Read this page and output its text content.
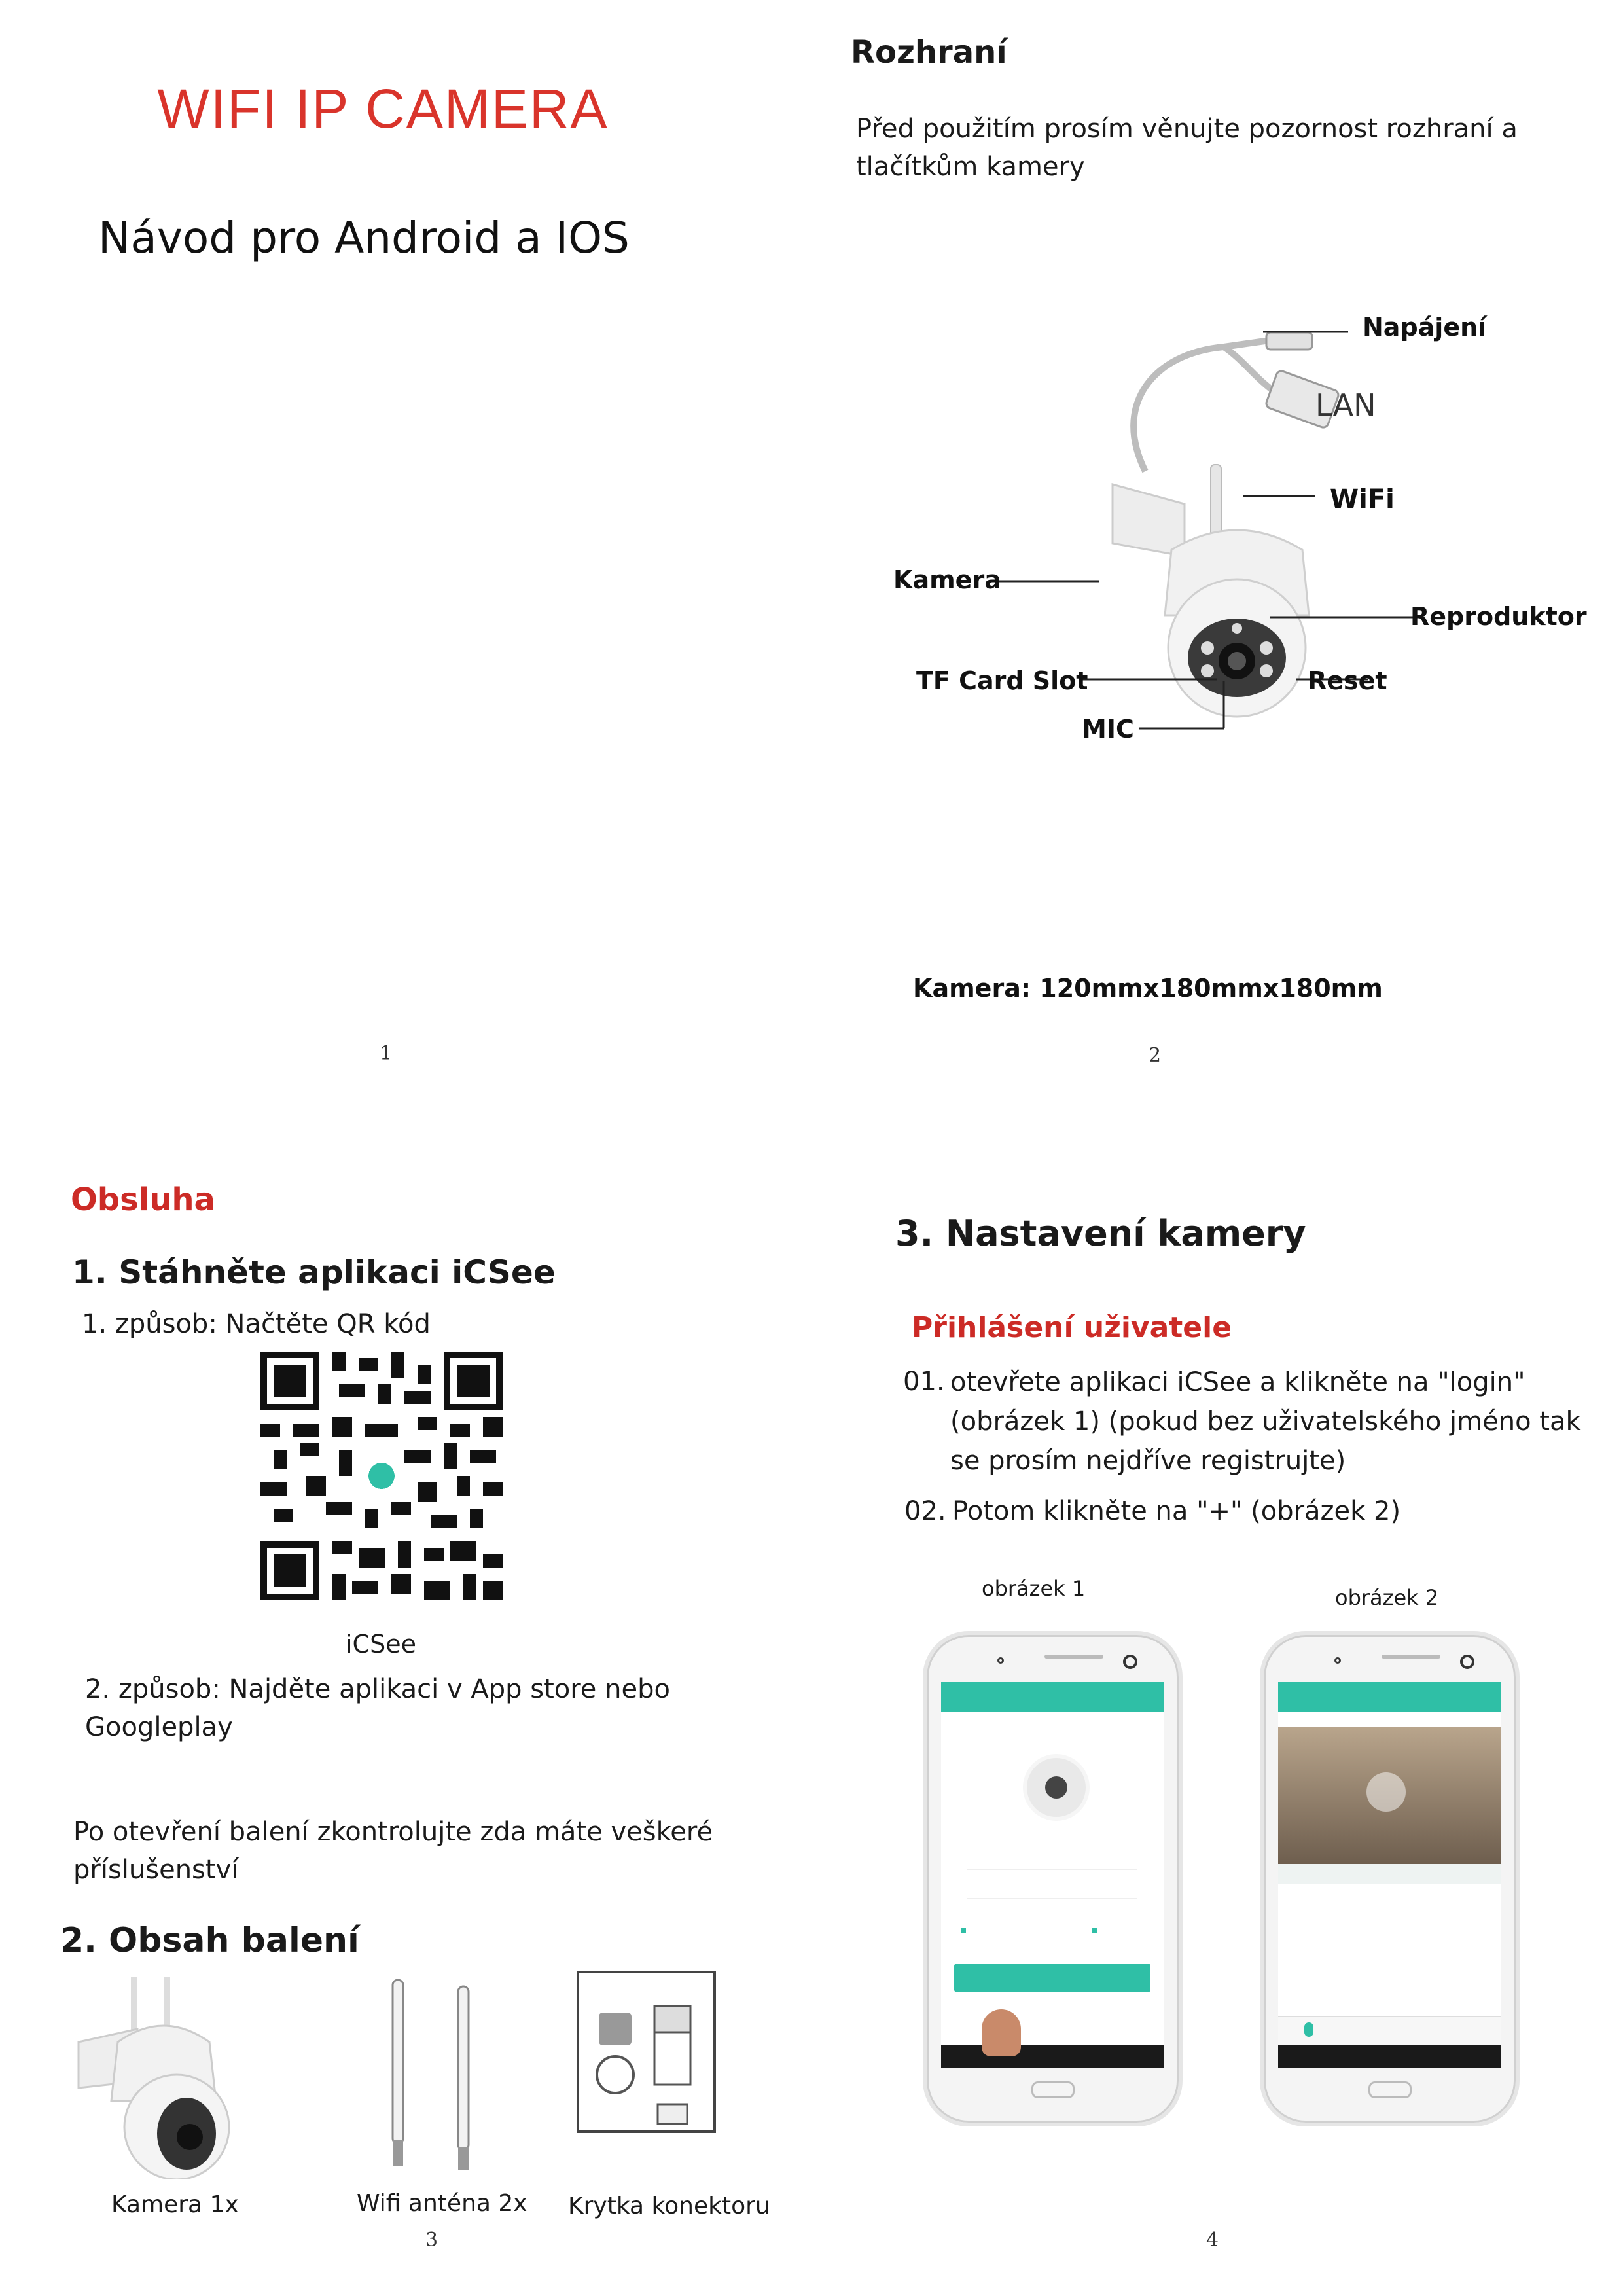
WIFI IP CAMERA
Návod pro Android a IOS
1
Rozhraní
Před použitím prosím věnujte pozornost rozhraní a tlačítkům kamery
Napájení
LAN
WiFi
Kamera
Reproduktor
TF Card Slot	Reset
MIC
Kamera: 120mmx180mmx180mm
2
Obsluha
1. Stáhněte aplikaci iCSee
1. způsob: Načtěte QR kód
iCSee
2. způsob: Najděte aplikaci v App store nebo Googleplay
Po otevření balení zkontrolujte zda máte veškeré příslušenství
2. Obsah balení
Kamera 1x	Wifi anténa 2x Krytka konektoru
3
3. Nastavení kamery
Přihlášení uživatele
01. otevřete aplikaci iCSee a klikněte na "login" (obrázek 1) (pokud bez uživatelského jméno tak se prosím nejdříve registrujte)
02. Potom klikněte na "+" (obrázek 2)
obrázek 1	obrázek 2
4
